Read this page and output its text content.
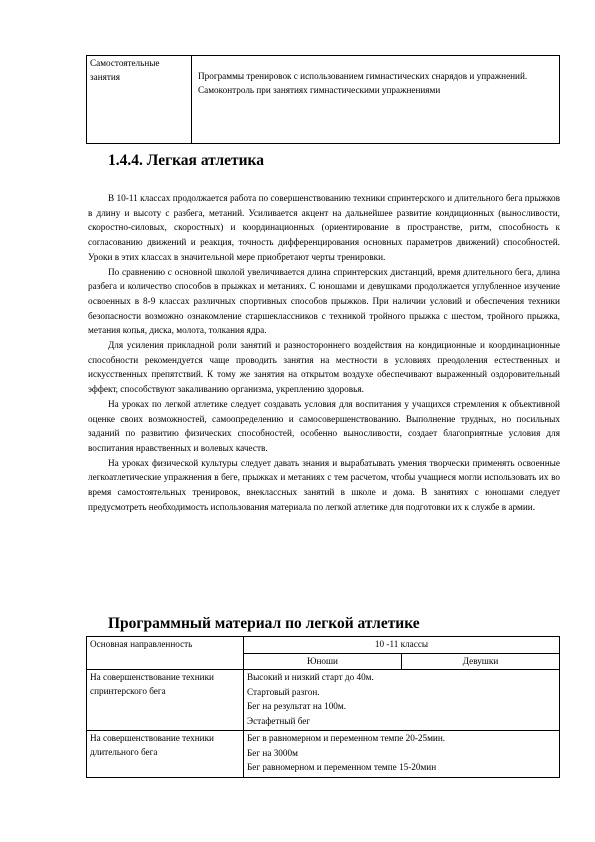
Самостоятельные занятия	Программы тренировок с использованием гимнастических снарядов и упражнений. Самоконтроль при занятиях гимнастическими упражнениями
1.4.4. Легкая атлетика

В 10-11 классах продолжается работа по совершенствованию техники спринтерского и длительного бега прыжков в длину и высоту с разбега, метаний. Усиливается акцент на дальнейшее развитие кондиционных (выносливости, скоростно-силовых, скоростных) и координационных (ориентирование в пространстве, ритм, способность к согласованию движений и реакция, точность дифференцирования основных параметров движений) способностей. Уроки в этих классах в значительной мере приобретают черты тренировки.

По сравнению с основной школой увеличивается длина спринтерских дистанций, время длительного бега, длина разбега и количество способов в прыжках и метаниях. С юношами и девушками продолжается углубленное изучение освоенных в 8-9 классах различных спортивных способов прыжков. При наличии условий и обеспечения техники безопасности возможно ознакомление старшеклассников с техникой тройного прыжка с шестом, тройного прыжка, метания копья, диска, молота, толкания ядра.

Для усиления прикладной роли занятий и разностороннего воздействия на кондиционные и координационные способности рекомендуется чаще проводить занятия на местности в условиях преодоления естественных и искусственных препятствий. К тому же занятия на открытом воздухе обеспечивают выраженный оздоровительный эффект, способствуют закаливанию организма, укреплению здоровья.

На уроках по легкой атлетике следует создавать условия для воспитания у учащихся стремления к объективной оценке своих возможностей, самоопределению и самосовершенствованию. Выполнение трудных, но посильных заданий по развитию физических способностей, особенно выносливости, создает благоприятные условия для воспитания нравственных и волевых качеств.

На уроках физической культуры следует давать знания и вырабатывать умения творчески применять освоенные легкоатлетические упражнения в беге, прыжках и метаниях с тем расчетом, чтобы учащиеся могли использовать их во время самостоятельных тренировок, внеклассных занятий в школе и дома. В занятиях с юношами следует предусмотреть необходимость использования материала по легкой атлетике для подготовки их к службе в армии.

Программный материал по легкой атлетике
Основная направленность	10 -11 классы	
	Юноши	Девушки
На совершенствование техники спринтерского бега	Высокий и низкий старт до 40м.
Стартовый разгон.
Бег на результат на 100м.
Эстафетный бег	

На совершенствование техники длительного бега	Бег в равномерном и переменном темпе 20-25мин.
Бег на 3000м
Бег равномерном и переменном темпе 15-20мин	
